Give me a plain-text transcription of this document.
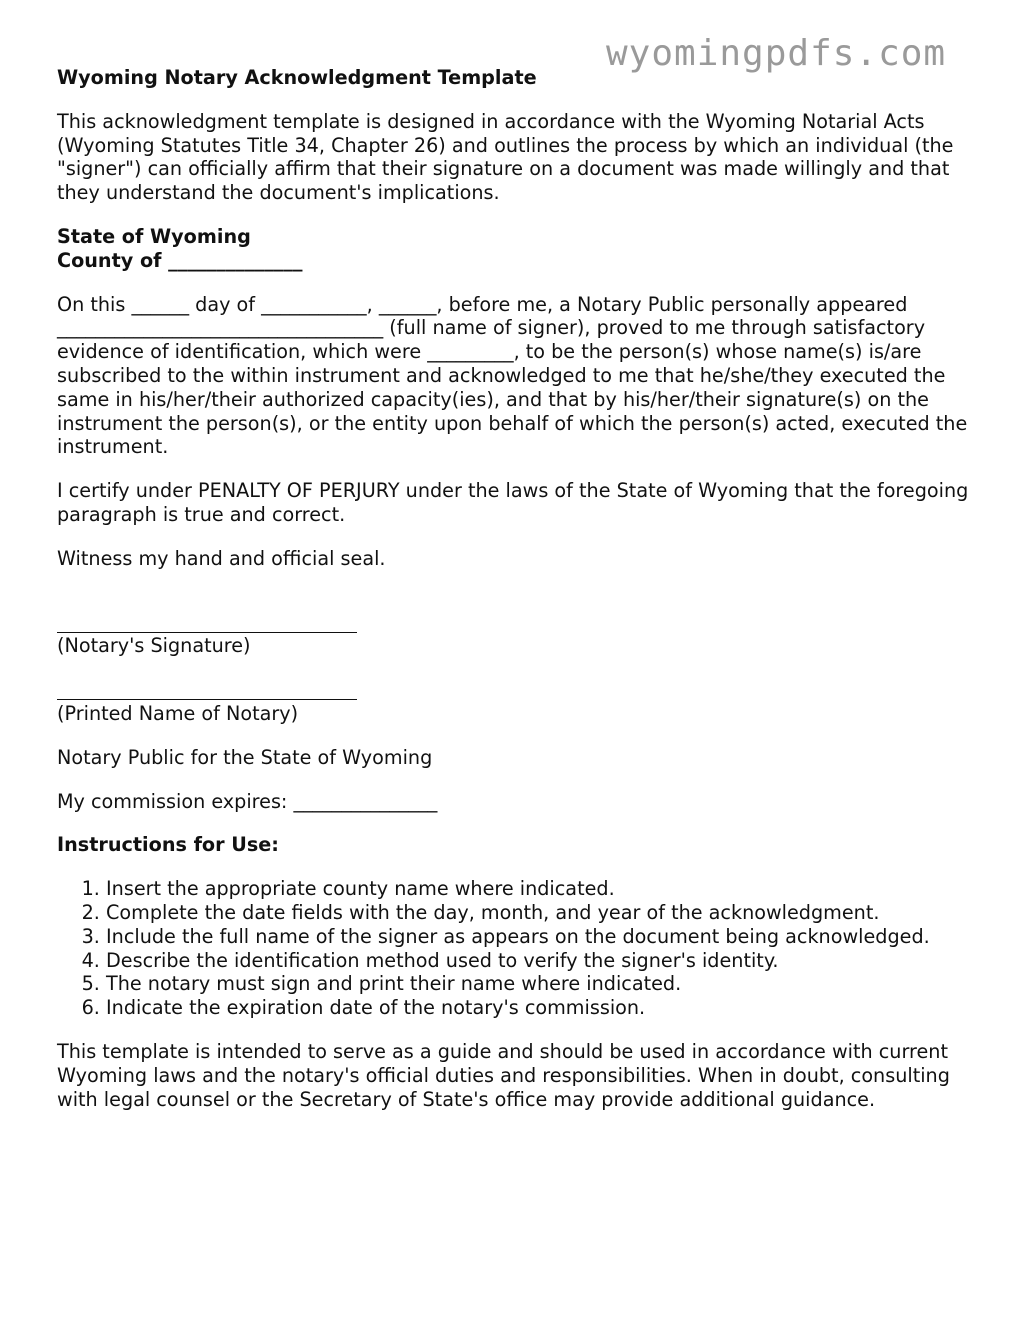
wyomingpdfs.com
Wyoming Notary Acknowledgment Template

This acknowledgment template is designed in accordance with the Wyoming Notarial Acts (Wyoming Statutes Title 34, Chapter 26) and outlines the process by which an individual (the "signer") can officially affirm that their signature on a document was made willingly and that they understand the document's implications.

State of Wyoming
County of ______________

On this ______ day of ___________, ______, before me, a Notary Public personally appeared
__________________________________ (full name of signer), proved to me through satisfactory
evidence of identification, which were _________, to be the person(s) whose name(s) is/are subscribed to the within instrument and acknowledged to me that he/she/they executed the same in his/her/their authorized capacity(ies), and that by his/her/their signature(s) on the instrument the person(s), or the entity upon behalf of which the person(s) acted, executed the instrument.

I certify under PENALTY OF PERJURY under the laws of the State of Wyoming that the foregoing paragraph is true and correct.

Witness my hand and official seal.

(Notary's Signature)
(Printed Name of Notary)

Notary Public for the State of Wyoming

My commission expires: _______________

Instructions for Use:

1. Insert the appropriate county name where indicated.
2. Complete the date fields with the day, month, and year of the acknowledgment.
3. Include the full name of the signer as appears on the document being acknowledged.
4. Describe the identification method used to verify the signer's identity.
5. The notary must sign and print their name where indicated.
6. Indicate the expiration date of the notary's commission.

This template is intended to serve as a guide and should be used in accordance with current Wyoming laws and the notary's official duties and responsibilities. When in doubt, consulting with legal counsel or the Secretary of State's office may provide additional guidance.
